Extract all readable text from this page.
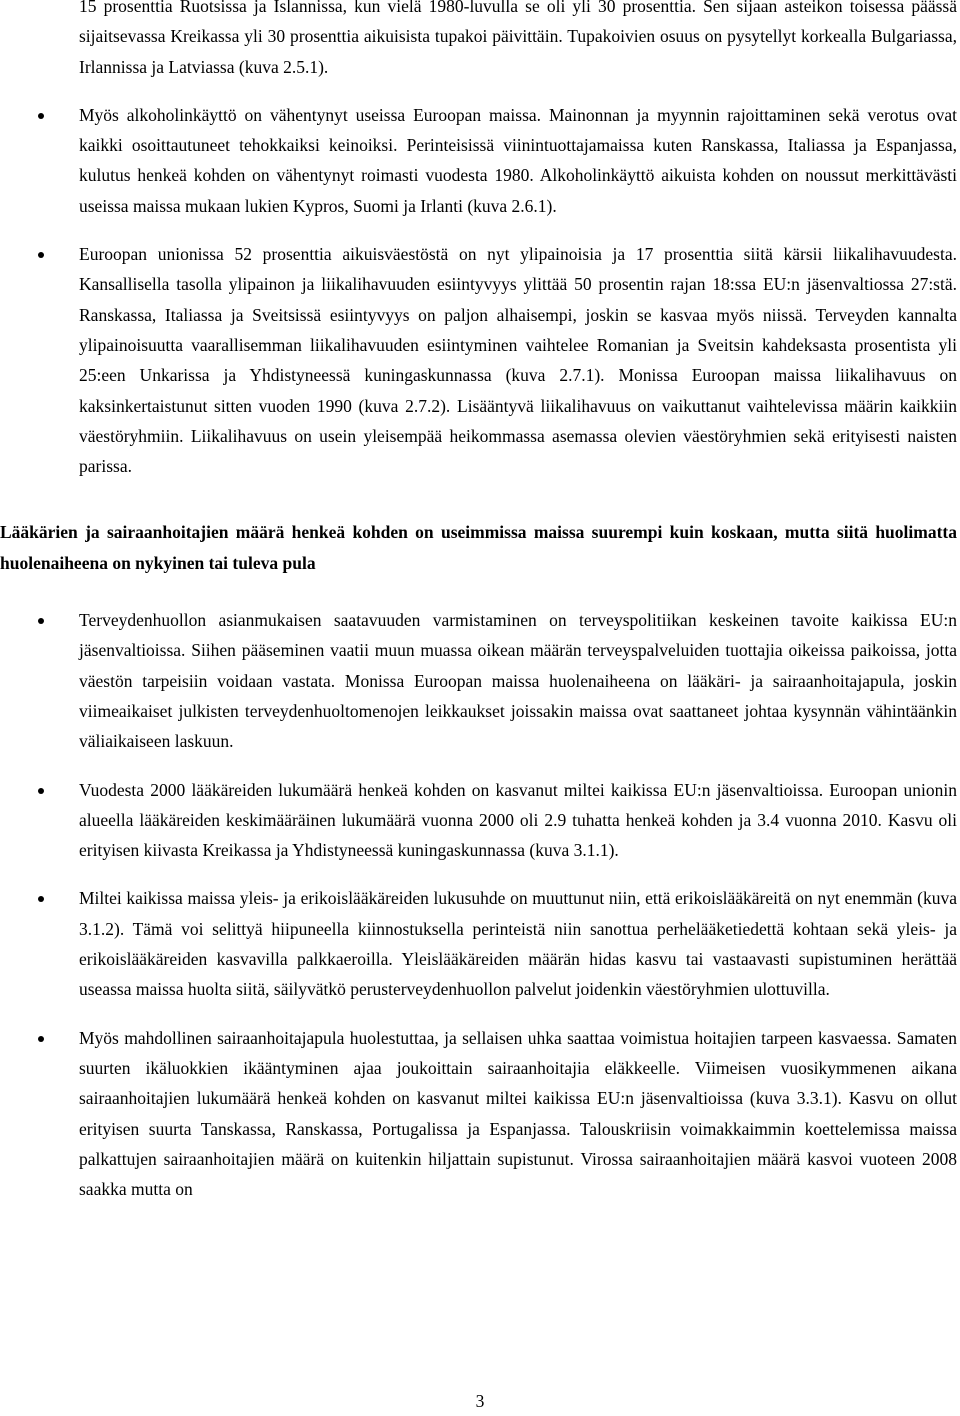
15 prosenttia Ruotsissa ja Islannissa, kun vielä 1980-luvulla se oli yli 30 prosenttia. Sen sijaan asteikon toisessa päässä sijaitsevassa Kreikassa yli 30 prosenttia aikuisista tupakoi päivittäin. Tupakoivien osuus on pysytellyt korkealla Bulgariassa, Irlannissa ja Latviassa (kuva 2.5.1).

Myös alkoholinkäyttö on vähentynyt useissa Euroopan maissa. Mainonnan ja myynnin rajoittaminen sekä verotus ovat kaikki osoittautuneet tehokkaiksi keinoiksi. Perinteisissä viinintuottajamaissa kuten Ranskassa, Italiassa ja Espanjassa, kulutus henkeä kohden on vähentynyt roimasti vuodesta 1980. Alkoholinkäyttö aikuista kohden on noussut merkittävästi useissa maissa mukaan lukien Kypros, Suomi ja Irlanti (kuva 2.6.1).
Euroopan unionissa 52 prosenttia aikuisväestöstä on nyt ylipainoisia ja 17 prosenttia siitä kärsii liikalihavuudesta. Kansallisella tasolla ylipainon ja liikalihavuuden esiintyvyys ylittää 50 prosentin rajan 18:ssa EU:n jäsenvaltiossa 27:stä. Ranskassa, Italiassa ja Sveitsissä esiintyvyys on paljon alhaisempi, joskin se kasvaa myös niissä. Terveyden kannalta ylipainoisuutta vaarallisemman liikalihavuuden esiintyminen vaihtelee Romanian ja Sveitsin kahdeksasta prosentista yli 25:een Unkarissa ja Yhdistyneessä kuningaskunnassa (kuva 2.7.1). Monissa Euroopan maissa liikalihavuus on kaksinkertaistunut sitten vuoden 1990 (kuva 2.7.2). Lisääntyvä liikalihavuus on vaikuttanut vaihtelevissa määrin kaikkiin väestöryhmiin. Liikalihavuus on usein yleisempää heikommassa asemassa olevien väestöryhmien sekä erityisesti naisten parissa.

Lääkärien ja sairaanhoitajien määrä henkeä kohden on useimmissa maissa suurempi kuin koskaan, mutta siitä huolimatta huolenaiheena on nykyinen tai tuleva pula

Terveydenhuollon asianmukaisen saatavuuden varmistaminen on terveyspolitiikan keskeinen tavoite kaikissa EU:n jäsenvaltioissa. Siihen pääseminen vaatii muun muassa oikean määrän terveyspalveluiden tuottajia oikeissa paikoissa, jotta väestön tarpeisiin voidaan vastata. Monissa Euroopan maissa huolenaiheena on lääkäri- ja sairaanhoitajapula, joskin viimeaikaiset julkisten terveydenhuoltomenojen leikkaukset joissakin maissa ovat saattaneet johtaa kysynnän vähintäänkin väliaikaiseen laskuun.
Vuodesta 2000 lääkäreiden lukumäärä henkeä kohden on kasvanut miltei kaikissa EU:n jäsenvaltioissa. Euroopan unionin alueella lääkäreiden keskimääräinen lukumäärä vuonna 2000 oli 2.9 tuhatta henkeä kohden ja 3.4 vuonna 2010. Kasvu oli erityisen kiivasta Kreikassa ja Yhdistyneessä kuningaskunnassa (kuva 3.1.1).
Miltei kaikissa maissa yleis- ja erikoislääkäreiden lukusuhde on muuttunut niin, että erikoislääkäreitä on nyt enemmän (kuva 3.1.2). Tämä voi selittyä hiipuneella kiinnostuksella perinteistä niin sanottua perhelääketiedettä kohtaan sekä yleis- ja erikoislääkäreiden kasvavilla palkkaeroilla. Yleislääkäreiden määrän hidas kasvu tai vastaavasti supistuminen herättää useassa maissa huolta siitä, säilyvätkö perusterveydenhuollon palvelut joidenkin väestöryhmien ulottuvilla.
Myös mahdollinen sairaanhoitajapula huolestuttaa, ja sellaisen uhka saattaa voimistua hoitajien tarpeen kasvaessa. Samaten suurten ikäluokkien ikääntyminen ajaa joukoittain sairaanhoitajia eläkkeelle. Viimeisen vuosikymmenen aikana sairaanhoitajien lukumäärä henkeä kohden on kasvanut miltei kaikissa EU:n jäsenvaltioissa (kuva 3.3.1). Kasvu on ollut erityisen suurta Tanskassa, Ranskassa, Portugalissa ja Espanjassa. Talouskriisin voimakkaimmin koettelemissa maissa palkattujen sairaanhoitajien määrä on kuitenkin hiljattain supistunut. Virossa sairaanhoitajien määrä kasvoi vuoteen 2008 saakka mutta on
3
